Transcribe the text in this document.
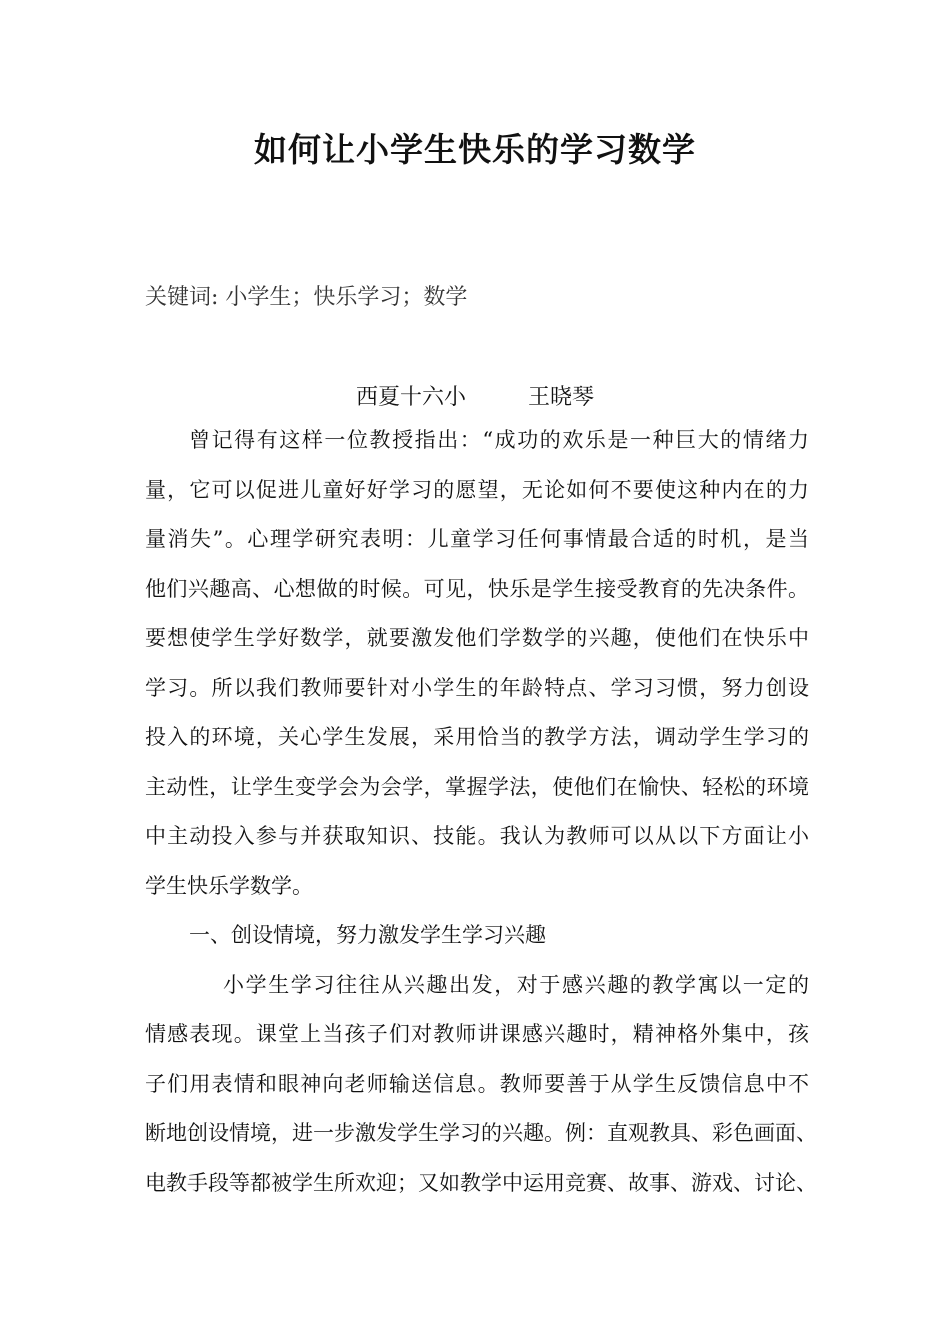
如何让小学生快乐的学习数学
关键词: 小学生；快乐学习；数学
西夏十六小	王晓琴
曾记得有这样一位教授指出：“成功的欢乐是一种巨大的情绪力
量，它可以促进儿童好好学习的愿望，无论如何不要使这种内在的力
量消失”。心理学研究表明：儿童学习任何事情最合适的时机，是当
他们兴趣高、心想做的时候。可见，快乐是学生接受教育的先决条件。
要想使学生学好数学，就要激发他们学数学的兴趣，使他们在快乐中
学习。所以我们教师要针对小学生的年龄特点、学习习惯，努力创设
投入的环境，关心学生发展，采用恰当的教学方法，调动学生学习的
主动性，让学生变学会为会学，掌握学法，使他们在愉快、轻松的环境
中主动投入参与并获取知识、技能。我认为教师可以从以下方面让小
学生快乐学数学。
一、创设情境，努力激发学生学习兴趣
小学生学习往往从兴趣出发，对于感兴趣的教学寓以一定的
情感表现。课堂上当孩子们对教师讲课感兴趣时，精神格外集中，孩
子们用表情和眼神向老师输送信息。教师要善于从学生反馈信息中不
断地创设情境，进一步激发学生学习的兴趣。例：直观教具、彩色画面、
电教手段等都被学生所欢迎；又如教学中运用竞赛、故事、游戏、讨论、
